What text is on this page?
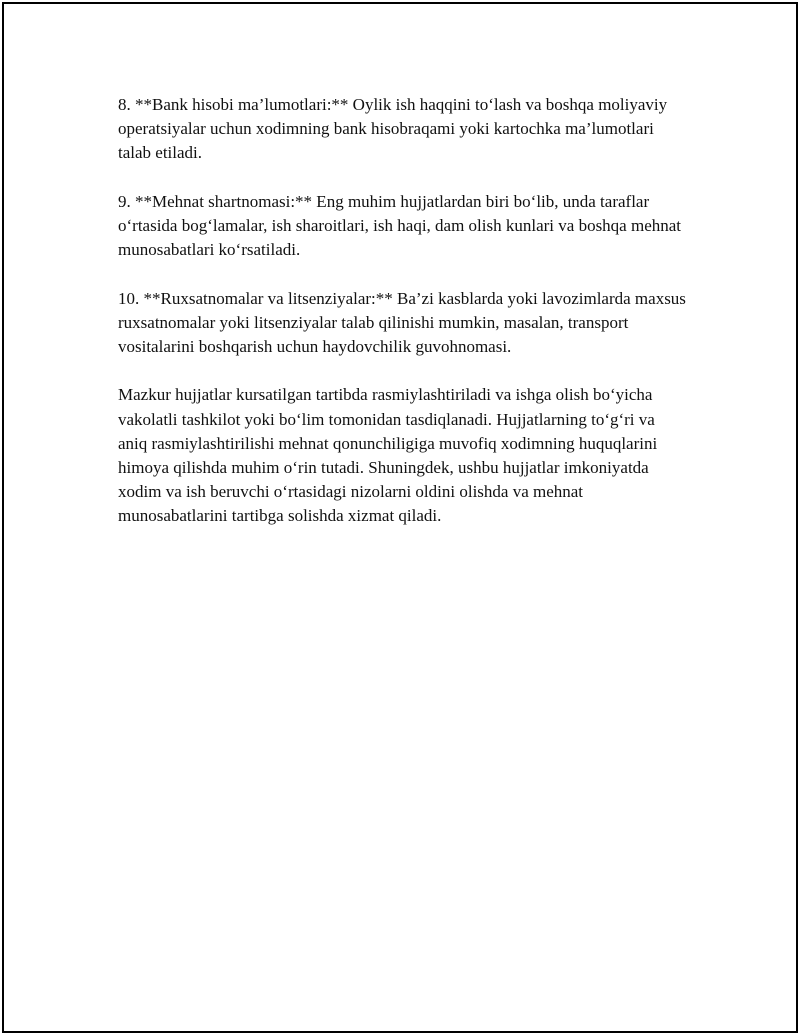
8. **Bank hisobi ma’lumotlari:** Oylik ish haqqini to‘lash va boshqa moliyaviy operatsiyalar uchun xodimning bank hisobraqami yoki kartochka ma’lumotlari talab etiladi.

9. **Mehnat shartnomasi:** Eng muhim hujjatlardan biri bo‘lib, unda taraflar o‘rtasida bog‘lamalar, ish sharoitlari, ish haqi, dam olish kunlari va boshqa mehnat munosabatlari ko‘rsatiladi.

10. **Ruxsatnomalar va litsenziyalar:** Ba’zi kasblarda yoki lavozimlarda maxsus ruxsatnomalar yoki litsenziyalar talab qilinishi mumkin, masalan, transport vositalarini boshqarish uchun haydovchilik guvohnomasi.

Mazkur hujjatlar kursatilgan tartibda rasmiylashtiriladi va ishga olish bo‘yicha vakolatli tashkilot yoki bo‘lim tomonidan tasdiqlanadi. Hujjatlarning to‘g‘ri va aniq rasmiylashtirilishi mehnat qonunchiligiga muvofiq xodimning huquqlarini himoya qilishda muhim o‘rin tutadi. Shuningdek, ushbu hujjatlar imkoniyatda xodim va ish beruvchi o‘rtasidagi nizolarni oldini olishda va mehnat munosabatlarini tartibga solishda xizmat qiladi.
